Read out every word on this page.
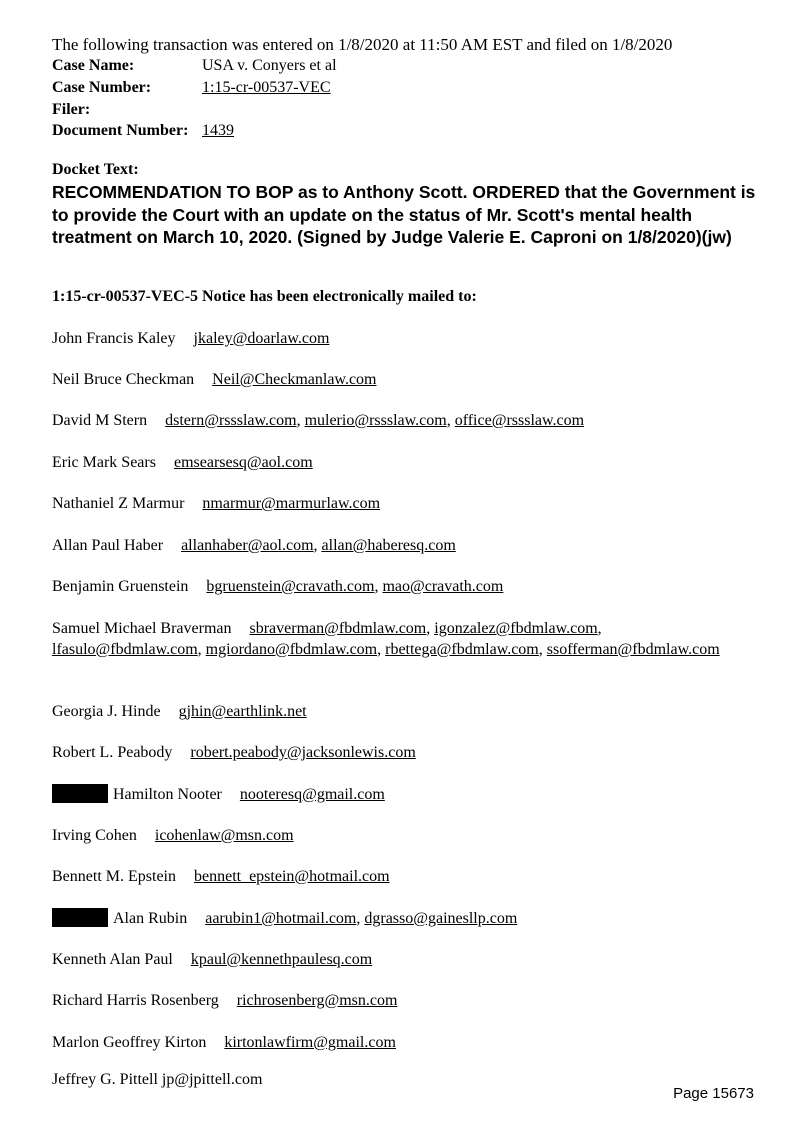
The following transaction was entered on 1/8/2020 at 11:50 AM EST and filed on 1/8/2020
Case Name:	USA v. Conyers et al
Case Number:	1:15-cr-00537-VEC
Filer:
Document Number: 1439
Docket Text:
RECOMMENDATION TO BOP as to Anthony Scott. ORDERED that the Government is to provide the Court with an update on the status of Mr. Scott's mental health treatment on March 10, 2020. (Signed by Judge Valerie E. Caproni on 1/8/2020)(jw)
1:15-cr-00537-VEC-5 Notice has been electronically mailed to:
John Francis Kaley jkaley@doarlaw.com
Neil Bruce Checkman Neil@Checkmanlaw.com
David M Stern dstern@rssslaw.com, mulerio@rssslaw.com, office@rssslaw.com
Eric Mark Sears emsearsesq@aol.com
Nathaniel Z Marmur nmarmur@marmurlaw.com
Allan Paul Haber allanhaber@aol.com, allan@haberesq.com
Benjamin Gruenstein bgruenstein@cravath.com, mao@cravath.com
Samuel Michael Braverman sbraverman@fbdmlaw.com, igonzalez@fbdmlaw.com, lfasulo@fbdmlaw.com, mgiordano@fbdmlaw.com, rbettega@fbdmlaw.com, ssofferman@fbdmlaw.com
Georgia J. Hinde gjhin@earthlink.net
Robert L. Peabody robert.peabody@jacksonlewis.com
Hamilton Nooter nooteresq@gmail.com
Irving Cohen icohenlaw@msn.com
Bennett M. Epstein bennett_epstein@hotmail.com
Alan Rubin aarubin1@hotmail.com, dgrasso@gainesllp.com
Kenneth Alan Paul kpaul@kennethpaulesq.com
Richard Harris Rosenberg richrosenberg@msn.com
Marlon Geoffrey Kirton kirtonlawfirm@gmail.com
Jeffrey G. Pittell jp@jpittell.com
Page 15673
